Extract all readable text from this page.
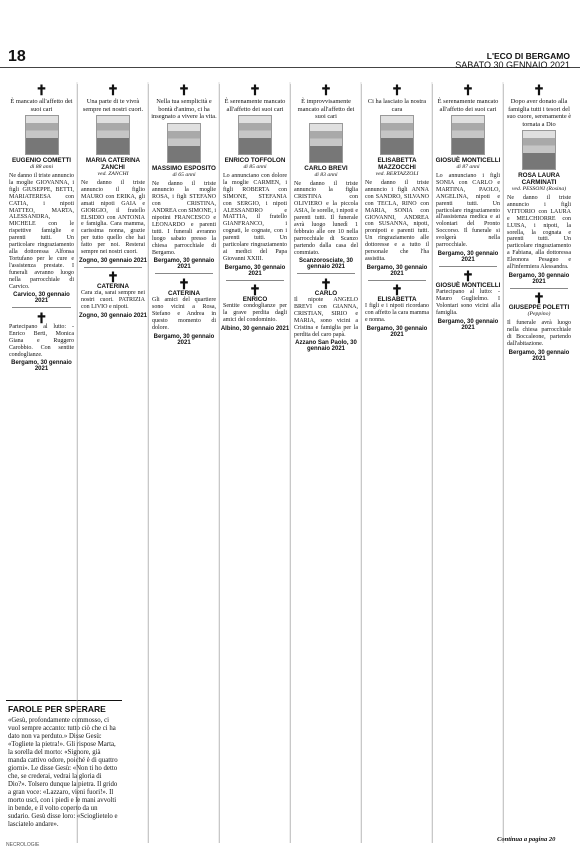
18	L'ECO DI BERGAMO
SABATO 30 GENNAIO 2021
✝

È mancato all'affetto dei suoi cari

EUGENIO COMETTI
di 88 anni

Ne danno il triste annuncio la moglie GIOVANNA, i figli GIUSEPPE, BETTI, MARIATERESA con CATIA, i nipoti MATTEO, MARTA, ALESSANDRA, MICHELE con le rispettive famiglie e parenti tutti. Un particolare ringraziamento alla dottoressa Alfonsa Tortufano per le cure e l'assistenza prestate. I funerali avranno luogo nella parrocchiale di Carvico.

Carvico, 30 gennaio 2021
✝

Partecipano al lutto: - Enrico Berti, Monica Giana e Ruggero Carobbio. Con sentite condoglianze.

Bergamo, 30 gennaio 2021
✝

Una parte di te vivrà sempre nei nostri cuori.

MARIA CATERINA ZANCHI
ved. ZANCHI

Ne danno il triste annuncio il figlio MAURO con ERIKA, gli amati nipoti GAIA e GIORGIO, il fratello ELSIDIO con ANTONIA e famiglia. Cara mamma, carissima nonna, grazie per tutto quello che hai fatto per noi. Resterai sempre nei nostri cuori.

Zogno, 30 gennaio 2021
✝
CATERINA

Cara zia, sarai sempre nei nostri cuori. PATRIZIA con LIVIO e nipoti.

Zogno, 30 gennaio 2021
✝

Nella tua semplicità e bontà d'animo, ci ha insegnato a vivere la vita.

MASSIMO ESPOSITO
di 65 anni

Ne danno il triste annuncio la moglie ROSA, i figli STEFANO con CRISTINA, ANDREA con SIMONE, i nipotini FRANCESCO e LEONARDO e parenti tutti. I funerali avranno luogo sabato presso la chiesa parrocchiale di Bergamo.

Bergamo, 30 gennaio 2021
✝
CATERINA

Gli amici del quartiere sono vicini a Rosa, Stefano e Andrea in questo momento di dolore.

Bergamo, 30 gennaio 2021
✝

È serenamente mancato all'affetto dei suoi cari

ENRICO TOFFOLON
di 85 anni

Lo annunciano con dolore la moglie CARMEN, i figli ROBERTA con SIMONE, STEFANIA con SERGIO, i nipoti ALESSANDRO e MATTIA, il fratello GIANFRANCO, i cognati, le cognate, con i parenti tutti. Un particolare ringraziamento ai medici del Papa Giovanni XXIII.

Bergamo, 30 gennaio 2021
✝
ENRICO

Sentite condoglianze per la grave perdita dagli amici del condominio.

Albino, 30 gennaio 2021
✝

È improvvisamente mancato all'affetto dei suoi cari

CARLO BREVI
di 83 anni

Ne danno il triste annuncio la figlia CRISTINA con OLIVIERO e la piccola ASIA, le sorelle, i nipoti e parenti tutti. Il funerale avrà luogo lunedì 1 febbraio alle ore 10 nella parrocchiale di Scanzo partendo dalla casa del commiato.

Scanzorosciate, 30 gennaio 2021
✝
CARLO

Il nipote ANGELO BREVI con GIANNA, CRISTIAN, SIRIO e MARIA, sono vicini a Cristina e famiglia per la perdita del caro papà.

Azzano San Paolo, 30 gennaio 2021
✝

Ci ha lasciato la nostra cara

ELISABETTA MAZZOCCHI
ved. BERTAZZOLI

Ne danno il triste annuncio i figli ANNA con SANDRO, SILVANO con TECLA, RINO con MARIA, SONIA con GIOVANNI, ANDREA con SUSANNA, nipoti, pronipoti e parenti tutti. Un ringraziamento alle dottoresse e a tutto il personale che l'ha assistita.

Bergamo, 30 gennaio 2021
✝
ELISABETTA

I figli e i nipoti ricordano con affetto la cara mamma e nonna.

Bergamo, 30 gennaio 2021
✝

È serenamente mancato all'affetto dei suoi cari

GIOSUÈ MONTICELLI
di 87 anni

Lo annunciano i figli SONIA con CARLO e MARTINA, PAOLO, ANGELINA, nipoti e parenti tutti. Un particolare ringraziamento all'assistenza medica e ai volontari del Pronto Soccorso. Il funerale si svolgerà nella parrocchiale.

Bergamo, 30 gennaio 2021
✝
GIOSUÈ MONTICELLI

Partecipano al lutto: - Mauro Guglielmo. I Volontari sono vicini alla famiglia.

Bergamo, 30 gennaio 2021
✝

Dopo aver donato alla famiglia tutti i tesori del suo cuore, serenamente è tornata a Dio

ROSA LAURA CARMINATI
ved. PESSONI (Rosina)

Ne danno il triste annuncio i figli VITTORIO con LAURA e MELCHIORRE con LUISA, i nipoti, la sorella, la cognata e parenti tutti. Un particolare ringraziamento a Fabiana, alla dottoressa Eleonora Pesaguo e all'infermiera Alessandra.

Bergamo, 30 gennaio 2021
✝
GIUSEPPE POLETTI
(Peppino)

Il funerale avrà luogo nella chiesa parrocchiale di Boccaleone, partendo dall'abitazione.

Bergamo, 30 gennaio 2021
FAROLE PER SPERARE

«Gesù, profondamente commosso, ci vuol sempre accanto: tutto ciò che ci ha dato non va perduto.» Disse Gesù: «Togliete la pietra!». Gli rispose Marta, la sorella del morto: «Signore, già manda cattivo odore, poiché è di quattro giorni». Le disse Gesù: «Non ti ho detto che, se crederai, vedrai la gloria di Dio?». Tolsero dunque la pietra. Il grido a gran voce: «Lazzaro, vieni fuori!». Il morto uscì, con i piedi e le mani avvolti in bende, e il volto coperto da un sudario. Gesù disse loro: «Scioglietelo e lasciatelo andare».

NECROLOGIE
Continua a pagina 20
